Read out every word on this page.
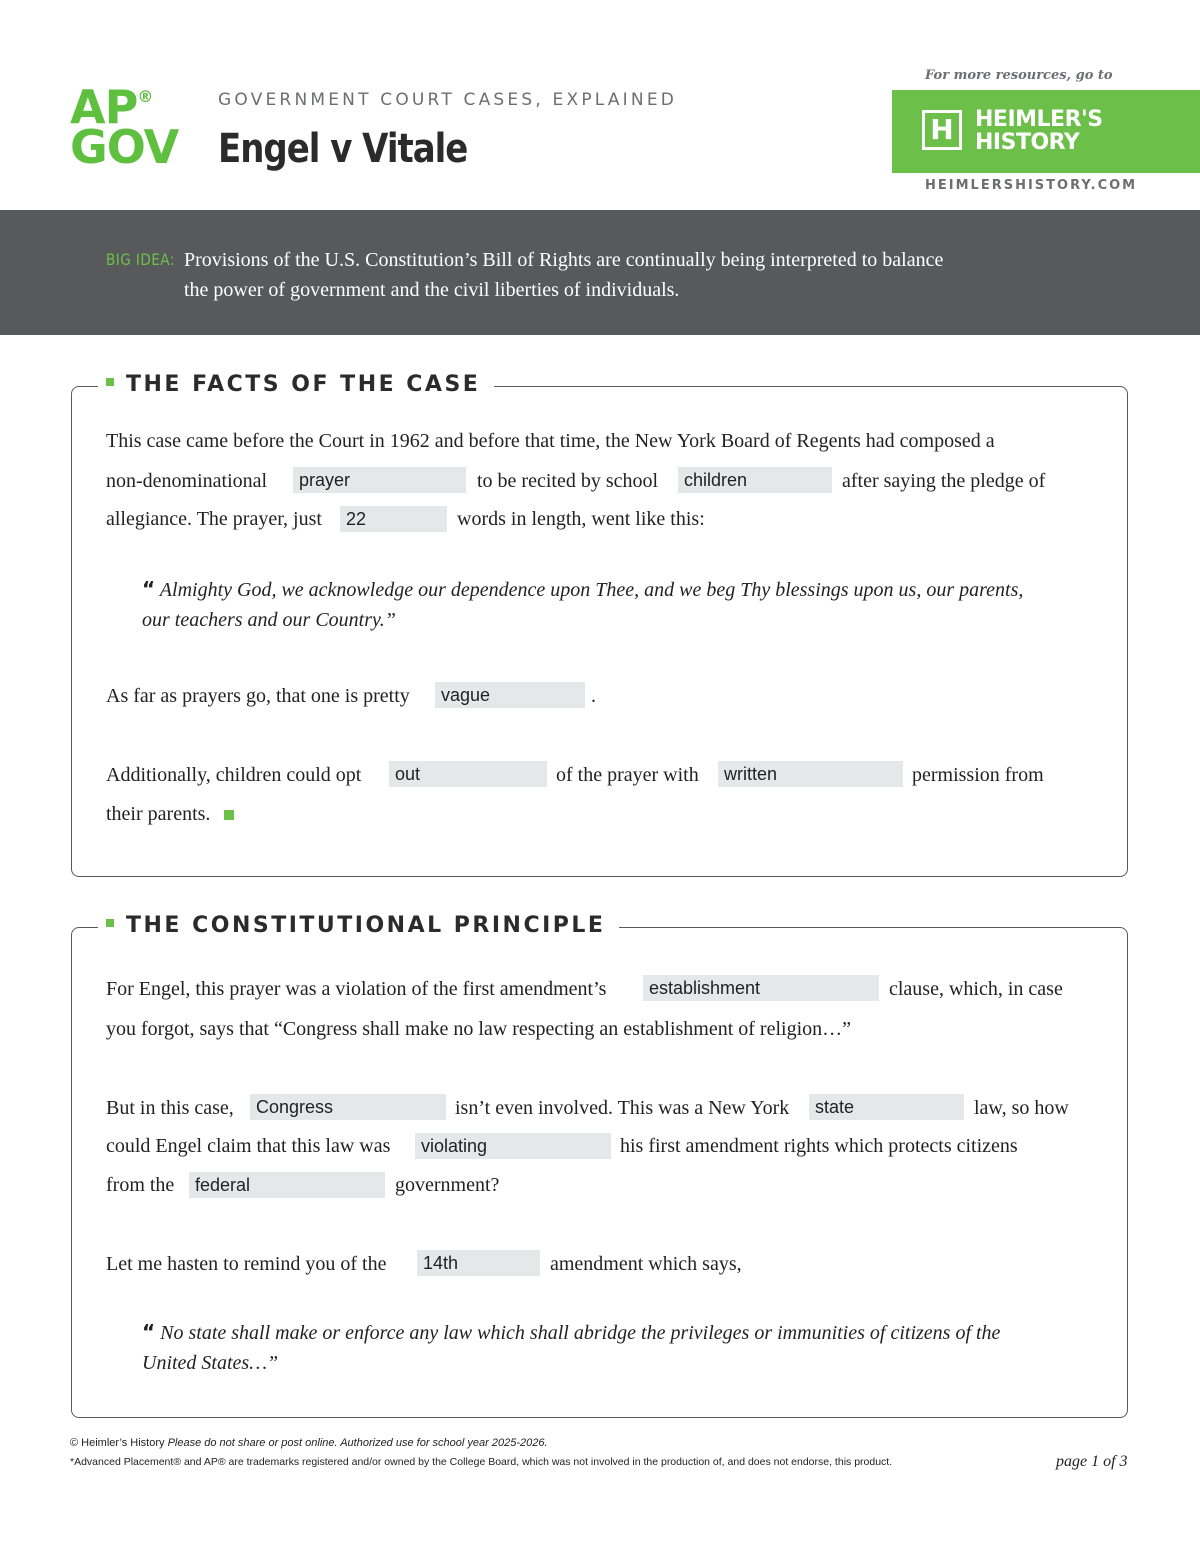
AP®
GOV
GOVERNMENT COURT CASES, EXPLAINED
Engel v Vitale
For more resources, go to
H HEIMLER'S
HISTORY
HEIMLERSHISTORY.COM
BIG IDEA: Provisions of the U.S. Constitution’s Bill of Rights are continually being interpreted to balance
the power of government and the civil liberties of individuals.
THE FACTS OF THE CASE
This case came before the Court in 1962 and before that time, the New York Board of Regents had composed a
non-denominational	prayer	to be recited by school	children	after saying the pledge of
allegiance. The prayer, just	22	words in length, went like this:
“ Almighty God, we acknowledge our dependence upon Thee, and we beg Thy blessings upon us, our parents,
our teachers and our Country.”
As far as prayers go, that one is pretty	vague	.
Additionally, children could opt	out	of the prayer with	written	permission from
their parents.
THE CONSTITUTIONAL PRINCIPLE
For Engel, this prayer was a violation of the first amendment’s	establishment	clause, which, in case
you forgot, says that “Congress shall make no law respecting an establishment of religion…”
But in this case,	Congress	isn’t even involved. This was a New York	state	law, so how
could Engel claim that this law was	violating	his first amendment rights which protects citizens
from the	federal	government?
Let me hasten to remind you of the	14th	amendment which says,
“ No state shall make or enforce any law which shall abridge the privileges or immunities of citizens of the
United States…”
© Heimler’s History Please do not share or post online. Authorized use for school year 2025-2026.
*Advanced Placement® and AP® are trademarks registered and/or owned by the College Board, which was not involved in the production of, and does not endorse, this product.	page 1 of 3
